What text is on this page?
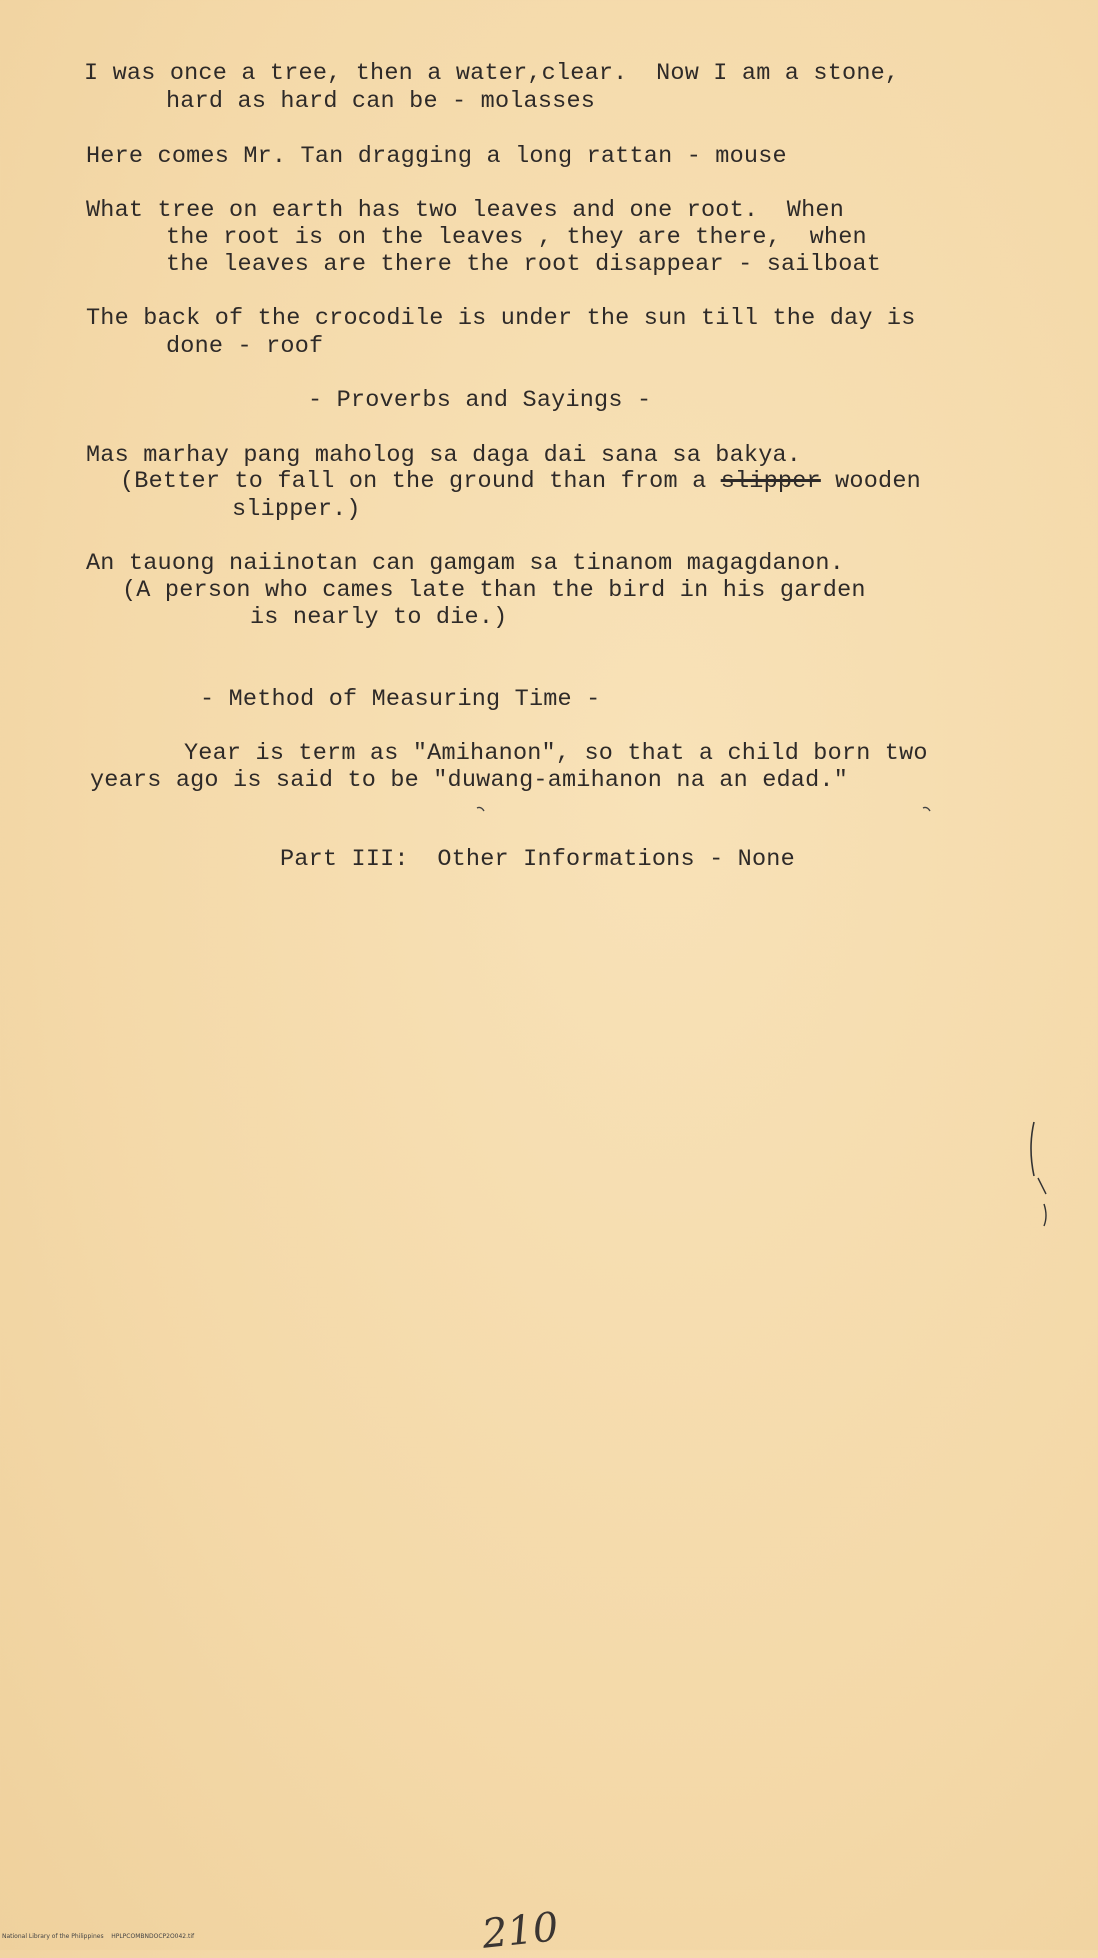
I was once a tree, then a water,clear.  Now I am a stone,
hard as hard can be - molasses
Here comes Mr. Tan dragging a long rattan - mouse
What tree on earth has two leaves and one root.  When
the root is on the leaves , they are there,  when
the leaves are there the root disappear - sailboat
The back of the crocodile is under the sun till the day is
done - roof
- Proverbs and Sayings -
Mas marhay pang maholog sa daga dai sana sa bakya.
(Better to fall on the ground than from a slipper wooden
slipper.)
An tauong naiinotan can gamgam sa tinanom magagdanon.
(A person who cames late than the bird in his garden
is nearly to die.)
- Method of Measuring Time -
Year is term as "Amihanon", so that a child born two
years ago is said to be "duwang-amihanon na an edad."
Part III:  Other Informations - None
210
National Library of the Philippines    HPLPCOMBNDOCP2O042.tif
